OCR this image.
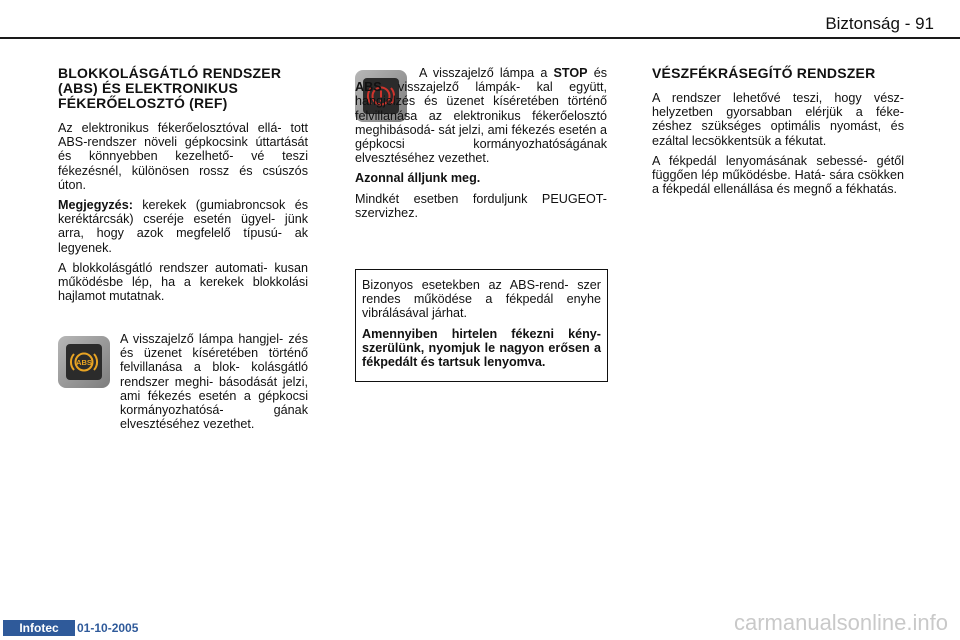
Biztonság - 91
BLOKKOLÁSGÁTLÓ RENDSZER (ABS) ÉS ELEKTRONIKUS FÉKERŐELOSZTÓ (REF)

Az elektronikus fékerőelosztóval ellá- tott ABS-rendszer növeli gépkocsink úttartását és könnyebben kezelhető- vé teszi fékezésnél, különösen rossz és csúszós úton.

Megjegyzés: kerekek (gumiabroncsok és keréktárcsák) cseréje esetén ügyel- jünk arra, hogy azok megfelelő típusú- ak legyenek.

A blokkolásgátló rendszer automati- kusan működésbe lép, ha a kerekek blokkolási hajlamot mutatnak.

ABS

A visszajelző lámpa hangjel- zés és üzenet kíséretében történő felvillanása a blok- kolásgátló rendszer meghi- básodását jelzi, ami fékezés esetén a gépkocsi kormányozhatósá- gának elvesztéséhez vezethet.

A visszajelző lámpa a STOP és ABS visszajelző lámpák- kal együtt, hangjelzés és üzenet kíséretében történő felvillanása az elektronikus fékerőelosztó meghibásodá- sát jelzi, ami fékezés esetén a gépkocsi kormányozhatóságának elvesztéséhez vezethet.

Azonnal álljunk meg.

Mindkét esetben forduljunk PEUGEOT- szervizhez.

Bizonyos esetekben az ABS-rend- szer rendes működése a fékpedál enyhe vibrálásával járhat.

Amennyiben hirtelen fékezni kény- szerülünk, nyomjuk le nagyon erősen a fékpedált és tartsuk lenyomva.

VÉSZFÉKRÁSEGÍTŐ RENDSZER

A rendszer lehetővé teszi, hogy vész- helyzetben gyorsabban elérjük a féke- zéshez szükséges optimális nyomást, és ezáltal lecsökkentsük a fékutat.

A fékpedál lenyomásának sebessé- gétől függően lép működésbe. Hatá- sára csökken a fékpedál ellenállása és megnő a fékhatás.

Infotec	01-10-2005	carmanualsonline.info
